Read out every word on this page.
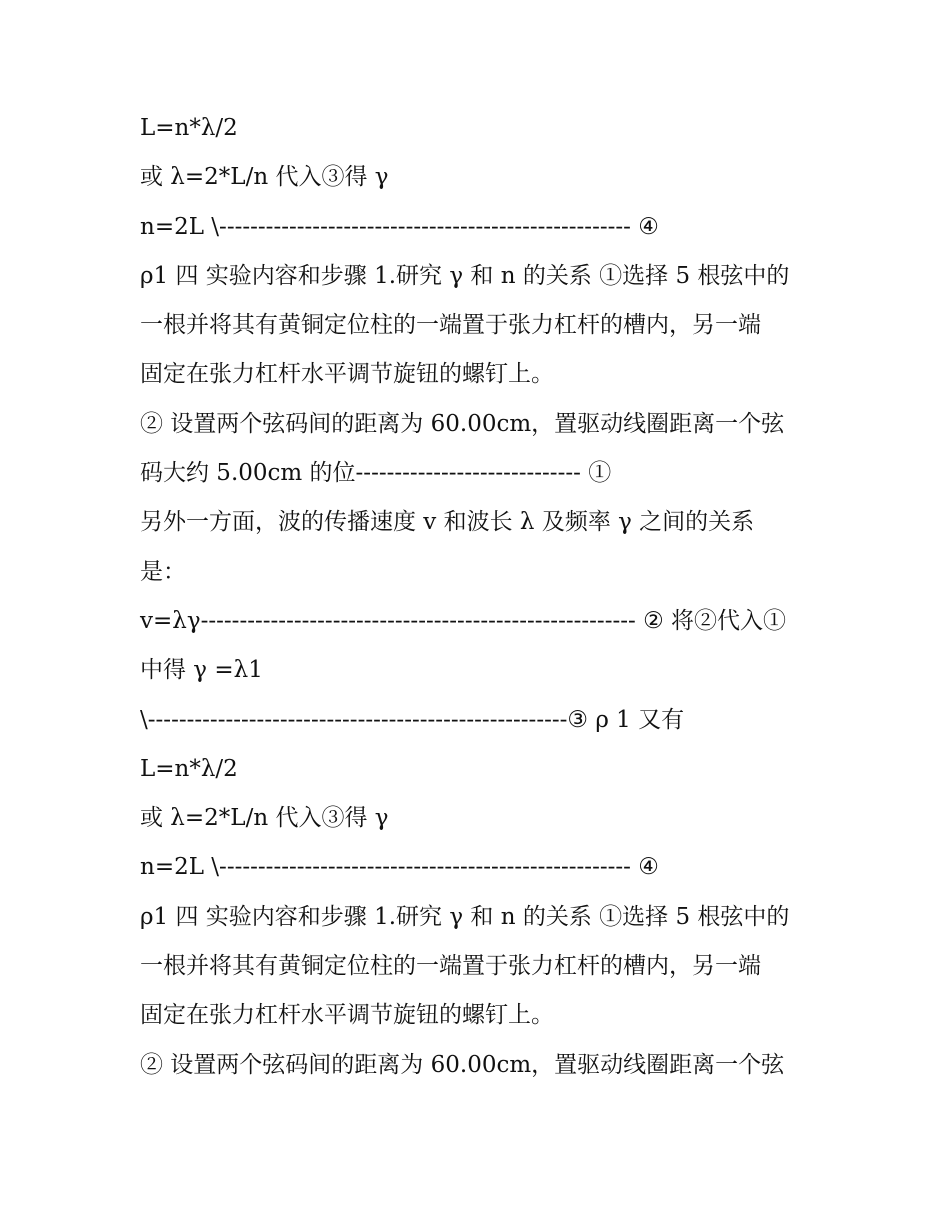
L=n*λ/2
或 λ=2*L/n 代入③得 γ
n=2L \----------------------------------------------------- ④
ρ1 四 实验内容和步骤 1.研究 γ 和 n 的关系 ①选择 5 根弦中的
一根并将其有黄铜定位柱的一端置于张力杠杆的槽内，另一端
固定在张力杠杆水平调节旋钮的螺钉上。
② 设置两个弦码间的距离为 60.00cm，置驱动线圈距离一个弦
码大约 5.00cm 的位----------------------------- ①
另外一方面，波的传播速度 v 和波长 λ 及频率 γ 之间的关系
是：
v=λγ-------------------------------------------------------- ② 将②代入①
中得 γ =λ1
\------------------------------------------------------③ ρ 1 又有
L=n*λ/2
或 λ=2*L/n 代入③得 γ
n=2L \----------------------------------------------------- ④
ρ1 四 实验内容和步骤 1.研究 γ 和 n 的关系 ①选择 5 根弦中的
一根并将其有黄铜定位柱的一端置于张力杠杆的槽内，另一端
固定在张力杠杆水平调节旋钮的螺钉上。
② 设置两个弦码间的距离为 60.00cm，置驱动线圈距离一个弦
